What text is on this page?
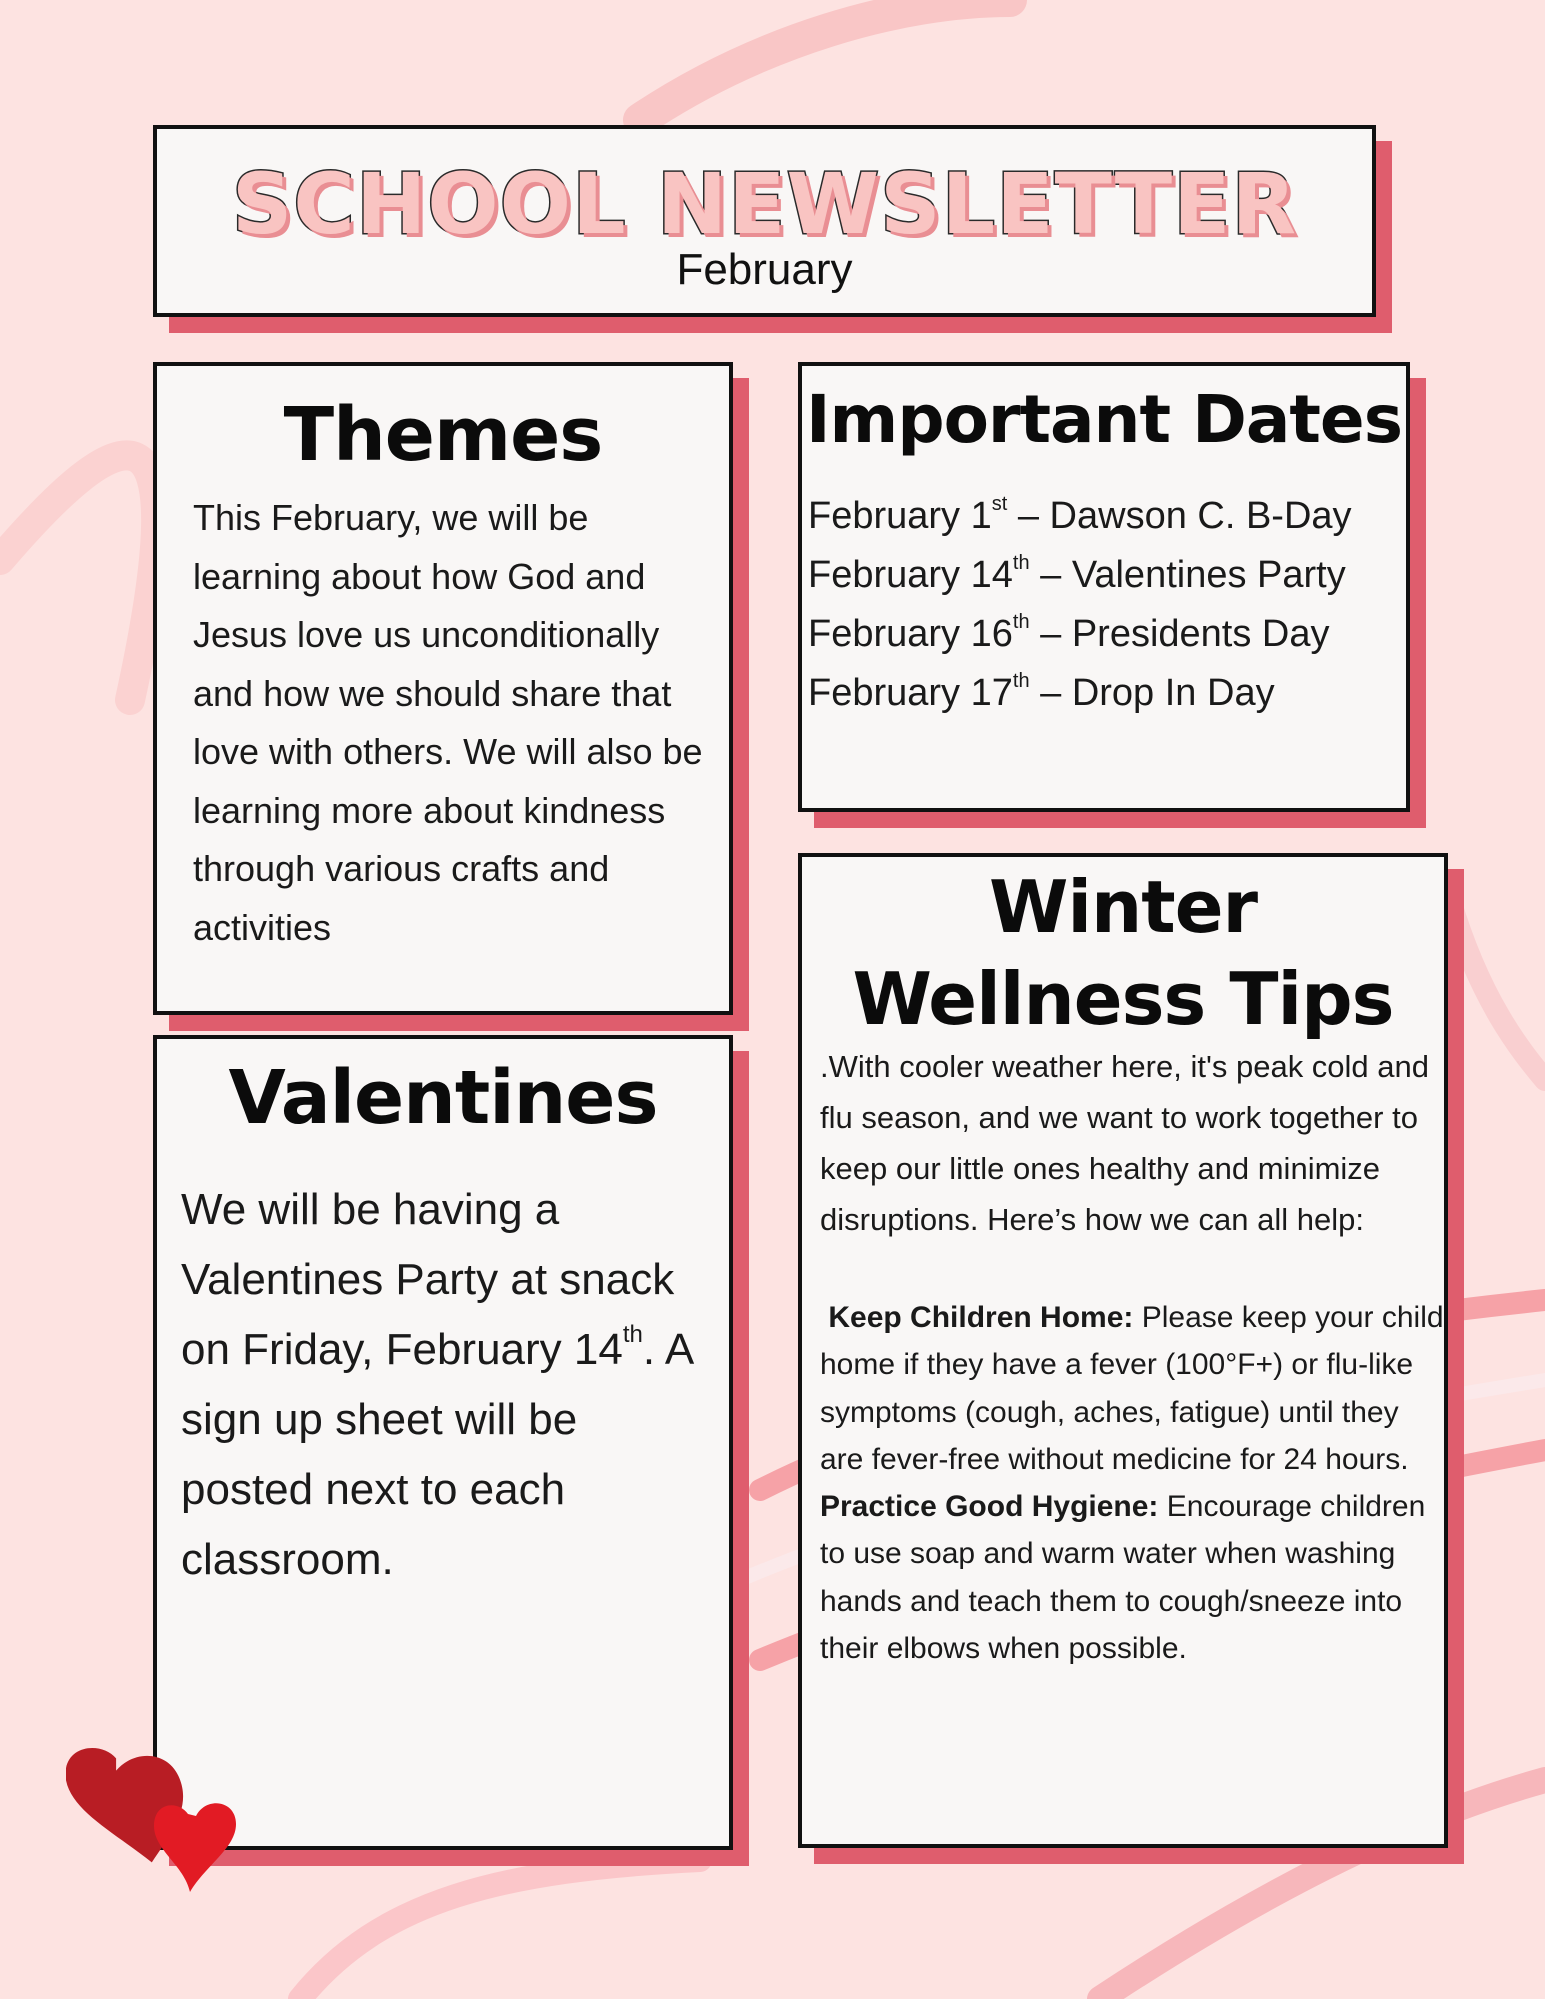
SCHOOL NEWSLETTER
February
Themes

This February, we will be learning about how God and Jesus love us unconditionally and how we should share that love with others. We will also be learning more about kindness through various crafts and activities

Important Dates
February 1st – Dawson C. B-Day
February 14th – Valentines Party
February 16th – Presidents Day
February 17th – Drop In Day
Valentines

We will be having a Valentines Party at snack on Friday, February 14th. A sign up sheet will be posted next to each classroom.

Winter
Wellness Tips

.With cooler weather here, it's peak cold and flu season, and we want to work together to keep our little ones healthy and minimize disruptions. Here’s how we can all help:

Keep Children Home: Please keep your child home if they have a fever (100°F+) or flu-like symptoms (cough, aches, fatigue) until they are fever-free without medicine for 24 hours.
Practice Good Hygiene: Encourage children to use soap and warm water when washing hands and teach them to cough/sneeze into their elbows when possible.
